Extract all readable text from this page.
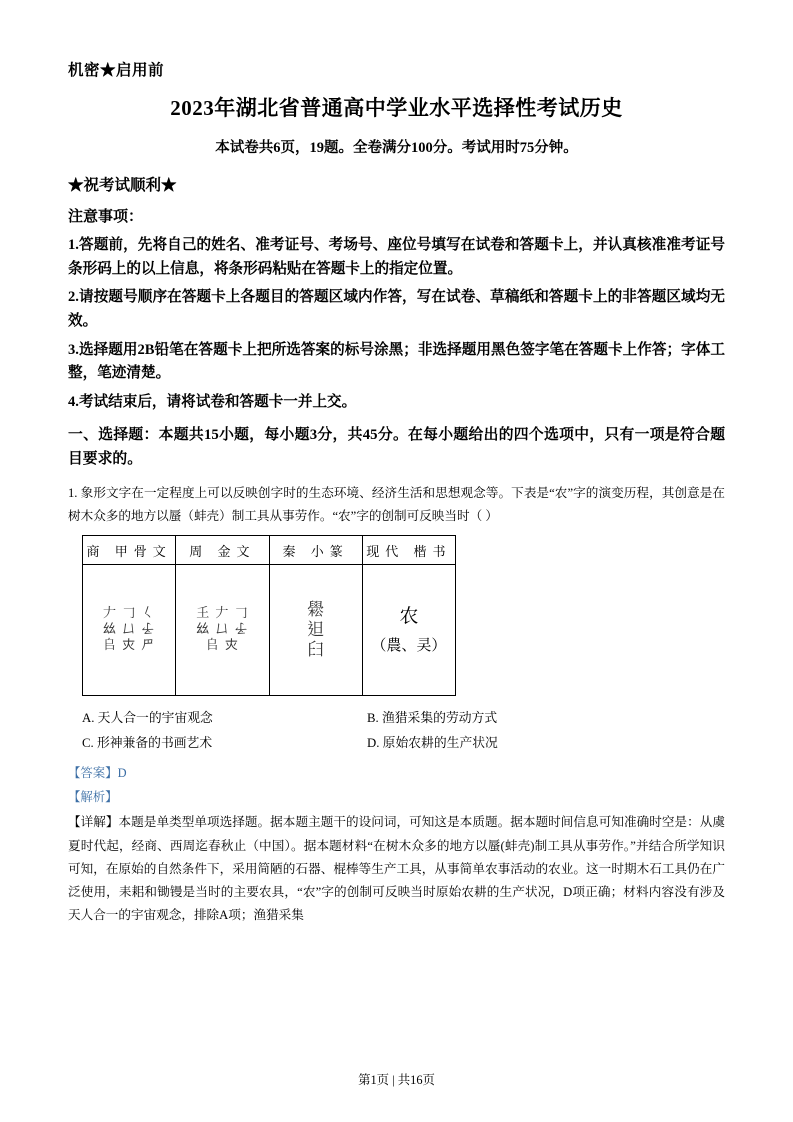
机密★启用前
2023年湖北省普通高中学业水平选择性考试历史
本试卷共6页，19题。全卷满分100分。考试用时75分钟。
★祝考试顺利★
注意事项：
1.答题前，先将自己的姓名、准考证号、考场号、座位号填写在试卷和答题卡上，并认真核准准考证号条形码上的以上信息，将条形码粘贴在答题卡上的指定位置。
2.请按题号顺序在答题卡上各题目的答题区域内作答，写在试卷、草稿纸和答题卡上的非答题区域均无效。
3.选择题用2B铅笔在答题卡上把所选答案的标号涂黑；非选择题用黑色签字笔在答题卡上作答；字体工整，笔迹清楚。
4.考试结束后，请将试卷和答题卡一并上交。
一、选择题：本题共15小题，每小题3分，共45分。在每小题给出的四个选项中，只有一项是符合题目要求的。
1. 象形文字在一定程度上可以反映创字时的生态环境、经济生活和思想观念等。下表是“农”字的演变历程，其创意是在树木众多的地方以蜃（蚌壳）制工具从事劳作。“农”字的创制可反映当时（ ）
商 甲骨文	周 金文	秦 小篆	现代 楷书

𠂇 𠃌 𡿨
𢆶 𠙴 𠄔
𠂤 𡗜 𠃜

𡈼 𠂇 𠃌
𢆶 𠙴 𠄔
𠂤 𡗜

𦦵
𨑨
𦥑

农
（農、㚑）
A. 天人合一的宇宙观念	B. 渔猎采集的劳动方式
C. 形神兼备的书画艺术	D. 原始农耕的生产状况
【答案】D
【解析】
【详解】本题是单类型单项选择题。据本题主题干的设问词，可知这是本质题。据本题时间信息可知准确时空是：从虞夏时代起，经商、西周迄春秋止（中国）。据本题材料“在树木众多的地方以蜃(蚌壳)制工具从事劳作。”并结合所学知识可知，在原始的自然条件下，采用简陋的石器、棍棒等生产工具，从事简单农事活动的农业。这一时期木石工具仍在广泛使用，耒耜和锄镘是当时的主要农具，“农”字的创制可反映当时原始农耕的生产状况，D项正确；材料内容没有涉及天人合一的宇宙观念，排除A项；渔猎采集
第1页 | 共16页
